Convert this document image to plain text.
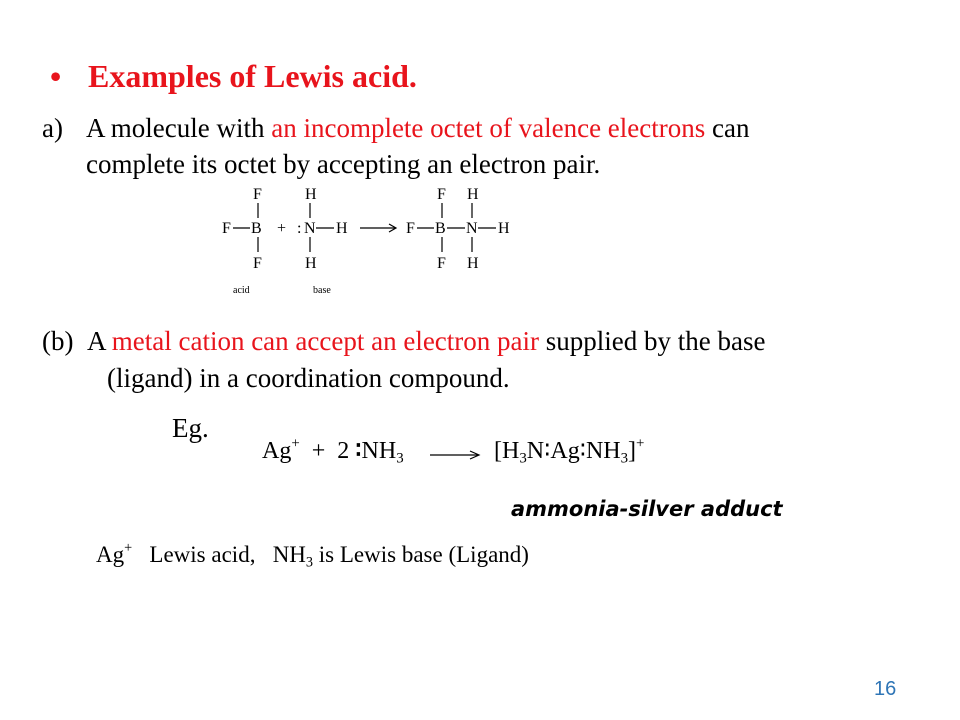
• Examples of Lewis acid.
a) A molecule with an incomplete octet of valence electrons can
complete its octet by accepting an electron pair.
F
F B
F
+ :
H
N H
H
F
F B
F
H
N H
H
acid	base
(b) A metal cation can accept an electron pair supplied by the base
(ligand) in a coordination compound.
Eg.
Ag+ + 2 $∶NH_3$ → $[H_3N∶Ag∶NH_3]^+$
ammonia-silver adduct
Ag+ Lewis acid, $NH_3$ is Lewis base (Ligand)
16
